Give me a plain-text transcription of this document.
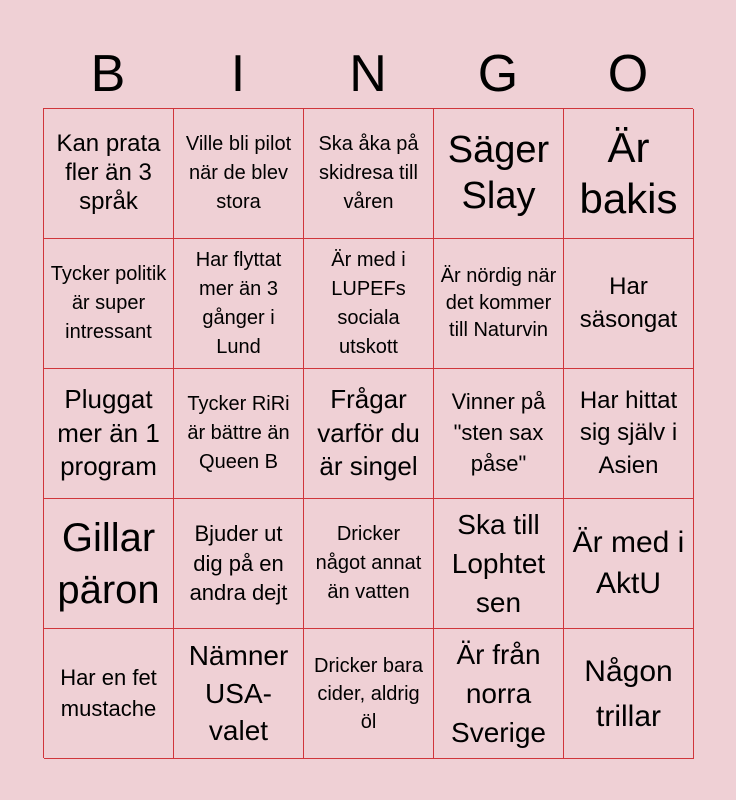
B	I	N	G	O
Kan prata fler än 3 språk
Ville bli pilot när de blev stora
Ska åka på skidresa till våren
Säger Slay
Är bakis
Tycker politik är super intressant
Har flyttat mer än 3 gånger i Lund
Är med i LUPEFs sociala utskott
Är nördig när det kommer till Naturvin
Har säsongat
Pluggat mer än 1 program
Tycker RiRi är bättre än Queen B
Frågar varför du är singel
Vinner på "sten sax påse"
Har hittat sig själv i Asien
Gillar päron
Bjuder ut dig på en andra dejt
Dricker något annat än vatten
Ska till Lophtet sen
Är med i AktU
Har en fet mustache
Nämner USA-valet
Dricker bara cider, aldrig öl
Är från norra Sverige
Någon trillar
